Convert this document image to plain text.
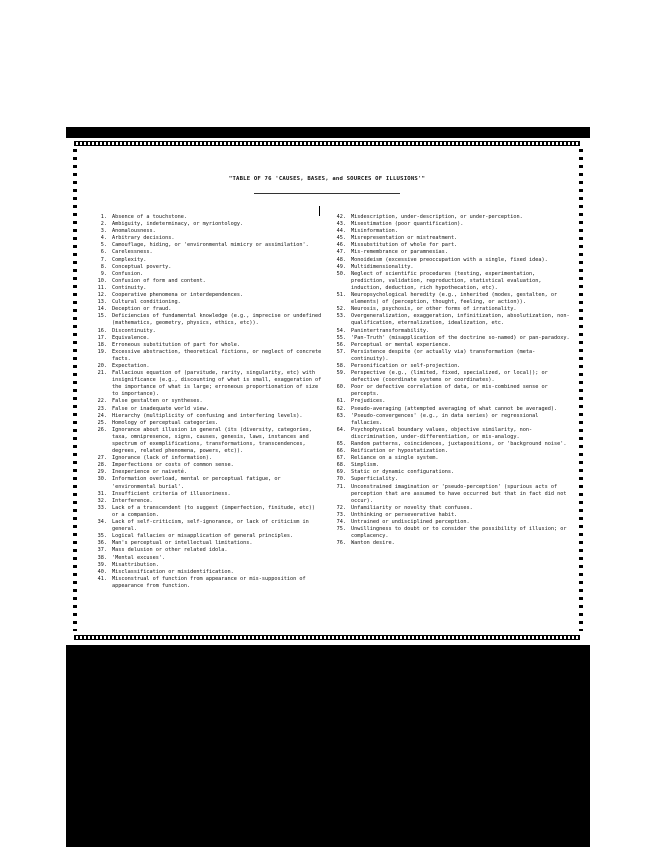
"TABLE OF 76 'CAUSES, BASES, and SOURCES OF ILLUSIONS'"
1. Absence of a touchstone.
2. Ambiguity, indeterminacy, or myriontology.
3. Anomalousness.
4. Arbitrary decisions.
5. Camouflage, hiding, or 'environmental mimicry or assimilation'.
6. Carelessness.
7. Complexity.
8. Conceptual poverty.
9. Confusion.
10. Confusion of form and content.
11. Continuity.
12. Cooperative phenomena or interdependences.
13. Cultural conditioning.
14. Deception or fraud.
15. Deficiencies of fundamental knowledge (e.g., imprecise or undefined (mathematics, geometry, physics, ethics, etc)).
16. Discontinuity.
17. Equivalence.
18. Erroneous substitution of part for whole.
19. Excessive abstraction, theoretical fictions, or neglect of concrete facts.
20. Expectation.
21. Fallacious equation of (parvitude, rarity, singularity, etc) with insignificance (e.g., discounting of what is small, exaggeration of the importance of what is large; erroneous proportionation of size to importance).
22. False gestalten or syntheses.
23. False or inadequate world view.
24. Hierarchy (multiplicity of confusing and interfering levels).
25. Homology of perceptual categories.
26. Ignorance about illusion in general (its (diversity, categories, taxa, omnipresence, signs, causes, genesis, laws, instances and spectrum of exemplifications, transformations, transcendences, degrees, related phenomena, powers, etc)).
27. Ignorance (lack of information).
28. Imperfections or costs of common sense.
29. Inexperience or naiveté.
30. Information overload, mental or perceptual fatigue, or 'environmental burial'.
31. Insufficient criteria of illusoriness.
32. Interference.
33. Lack of a transcendent (to suggest (imperfection, finitude, etc)) or a companion.
34. Lack of self-criticism, self-ignorance, or lack of criticism in general.
35. Logical fallacies or misapplication of general principles.
36. Man's perceptual or intellectual limitations.
37. Mass delusion or other related idola.
38. 'Mental excuses'.
39. Misattribution.
40. Misclassification or misidentification.
41. Misconstrual of function from appearance or mis-supposition of appearance from function.
42. Misdescription, under-description, or under-perception.
43. Misestimation (poor quantification).
44. Misinformation.
45. Misrepresentation or mistreatment.
46. Missubstitution of whole for part.
47. Mis-remembrance or paramnesias.
48. Monoideism (excessive preoccupation with a single, fixed idea).
49. Multidimensionality.
50. Neglect of scientific procedures (testing, experimentation, prediction, validation, reproduction, statistical evaluation, induction, deduction, rich hypothecation, etc).
51. Neuropsychological heredity (e.g., inherited (modes, gestalten, or elements) of (perception, thought, feeling, or action)).
52. Neurosis, psychosis, or other forms of irrationality.
53. Overgeneralization, exaggeration, infinitization, absolutization, non-qualification, eternalization, idealization, etc.
54. Panintertransformability.
55. 'Pan-Truth' (misapplication of the doctrine so-named) or pan-paradoxy.
56. Perceptual or mental experience.
57. Persistence despite (or actually via) transformation (meta-continuity).
58. Personification or self-projection.
59. Perspective (e.g., (limited, fixed, specialized, or local)); or defective (coordinate systems or coordinates).
60. Poor or defective correlation of data, or mis-combined sense or percepts.
61. Prejudices.
62. Pseudo-averaging (attempted averaging of what cannot be averaged).
63. 'Pseudo-convergences' (e.g., in data series) or regressional fallacies.
64. Psychophysical boundary values, objective similarity, non-discrimination, under-differentiation, or mis-analogy.
65. Random patterns, coincidences, juxtapositions, or 'background noise'.
66. Reification or hypostatization.
67. Reliance on a single system.
68. Simplism.
69. Static or dynamic configurations.
70. Superficiality.
71. Unconstrained imagination or 'pseudo-perception' (spurious acts of perception that are assumed to have occurred but that in fact did not occur).
72. Unfamiliarity or novelty that confuses.
73. Unthinking or perseverative habit.
74. Untrained or undisciplined perception.
75. Unwillingness to doubt or to consider the possibility of illusion; or complacency.
76. Wanton desire.
